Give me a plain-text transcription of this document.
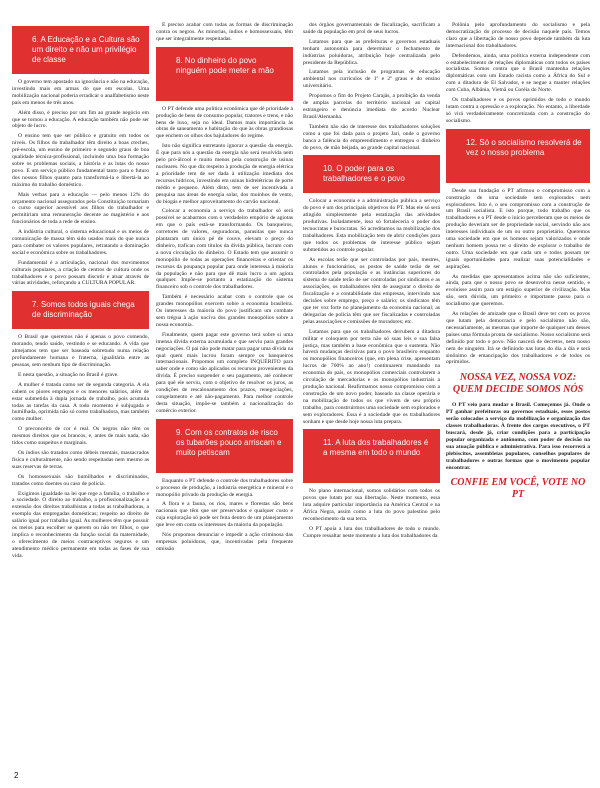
6. A Educação e a Cultura são um direito e não um privilégio de classe

O governo tem apostado na ignorância e não na educação, investindo mais em armas do que em escolas. Uma mobilização nacional poderia erradicar o analfabetismo neste país em menos de três anos.

Além disso, é preciso por um fim ao grande negócio em que se tornou a educação. A educação também não pode ser objeto de lucro.

O ensino tem que ser público e gratuito em todos os níveis. Os filhos do trabalhador têm direito a boas creches, pré-escola, um ensino de primeiro e segundo graus de boa qualidade técnica-profissional, incluindo uma boa formação sobre os problemas sociais, a história e as lutas do nosso povo. E um serviço público fundamental tanto para o futuro dos nossos filhos quanto para transformá-la e libertá-la ao máximo do trabalho doméstico.

Mais verbas para a educação — pelo menos 12% do orçamento nacional assegurados pela Constituição tornariam o curso superior acessível aos filhos do trabalhador e permitiriam uma remuneração decente ao magistério e aos funcionários de toda a rede de ensino.

A indústria cultural, o sistema educacional e os meios de comunicação de massa têm sido usados mais do que nunca para combater os valores populares, retratando a dominação social e econômica sobre os trabalhadores.

Fundamental é a articulação, nacional dos movimentos culturais populares, a criação de centros de cultura onde os trabalhadores e o povo possam discutir e atuar através de várias atividades, reforçando a CULTURA POPULAR.

7. Somos todos iguais chega de discriminação

O Brasil que queremos não é apenas o povo comendo, morando, tendo saúde, vestindo e se educando. A vida que almejamos tem que ser baseada sobretudo numa relação profundamente humana e fraterna, igualitária entre as pessoas, sem nenhum tipo de discriminação.

E nesta questão, a situação no Brasil é grave.

A mulher é tratada como ser de segunda categoria. A ela cabem os piores empregos e os menores salários, além de estar submetida à dupla jornada de trabalho, pois acumula todas as tarefas da casa. A todo momento é subjugada e humilhada, oprimida não só como trabalhadora, mas também como mulher.

O preconceito de cor é real. Os negros não têm os mesmos direitos que os brancos, e, antes de mais nada, são tidos como suspeitos e marginais.

Os índios são tratados como débeis mentais, massacrados física e culturalmente, não sendo respeitadas nem mesmo as suas reservas de terras.

Os homossexuais são humilhados e discriminados, tratados como doentes ou caso de polícia.

Exigimos igualdade na lei que rege a família, o trabalho e a sociedade. O direito ao trabalho, a profissionalização e a extensão dos direitos trabalhistas a todas as trabalhadoras, a exemplo das empregadas domésticas; respeito ao direito de salário igual por trabalho igual. As mulheres têm que possuir os meios para escolher se querem ou não ter filhos, o que implica o reconhecimento da função social da maternidade, o oferecimento de meios contraceptivos seguros e um atendimento médico permanente em todas as fases de sua vida.

É preciso acabar com todas as formas de discriminação contra os negros. As minorias, índios e homossexuais, têm que ser integralmente respeitadas.

8. No dinheiro do povo ninguém pode meter a mão

O PT defende uma política econômica que dê prioridade à produção de bens de consumo popular, tratores e trens, e não bens de luxo, seja no ideal. Damos mais importância às obras de saneamento e habitação do que às obras grandiosas que enchem os olhos dos bajuladores do regime.

Isto não significa entretanto ignorar a questão da energia. É que para nós a questão da energia não será resolvida nem pelo pró-álcool e muito menos pela construção de usinas nucleares. No que diz respeito à produção de energia elétrica a prioridade tem de ser dada à utilização imediata dos recursos hídricos, investindo em usinas hidrelétricas de porte médio e pequeno. Além disto, tem de ser incentivada a pesquisa nas áreas de energia solar, dos moinhos de vento, do biogás e melhor aproveitamento do carvão nacional.

Colocar a economia a serviço do trabalhador só será possível se acabarmos com o verdadeiro empório de agiotas em que o país está-se transformando. Os banqueiros, corretores de valores, seguradoras, parasitas que nunca plantaram um único pé de couve, elevam o preço do dinheiro, trafican com títulos da dívida pública, lucram com a nova circulação do dinheiro. O Estado tem que assumir o monopólio de todas as operações financeiras e orientar os recursos da poupança popular para onde interessa à maioria da população e não para que dê mais lucro a um agiota qualquer. Impõe-se portanto a estatização do sistema financeiro sob o controle dos trabalhadores.

Também é necessário acabar com o controle que os grandes monopólios exercem sobre a economia brasileira. Os interesses da maioria do povo justificam um combate sem trégua à ação nociva dos grandes monopólios sobre a nossa economia.

Finalmente, quem pagar este governo terá sobre si uma imensa dívida externa acumulada e que serviu para grandes negociações. O pai não pode matar para pagar uma dívida na qual quem mais lucrou foram sempre os banqueiros internacionais. Propomos um completo INQUÉRITO para saber onde e como são aplicados os recursos provenientes da dívida. É preciso suspender o seu pagamento, até conhecer para quê ele serviu, com o objetivo de resolver os juros, as condições de rescalonamento dos prazos, renegociações, congelamento e até não-pagamento. Para melhor controle desta situação, impõe-se também a nacionalização do comércio exterior.

9. Com os contratos de risco os tubarões pouco arriscam e muito petiscam

Enquanto o PT defende o controle dos trabalhadores sobre o processo de produção, a indústria energética e mineral e o monopólio privado da produção de energia.

A flora e a fauna, os rios, mares e florestas são bens nacionais que têm que ser preservados e qualquer custo e cuja exploração só pode ser feita dentro de um planejamento que leve em conta os interesses da maioria da população.

Nós propomos denunciar e impedir a ação criminosa das empresas poluidoras, que, incentivadas pela frequente omissão

dos órgãos governamentais de fiscalização, sacrificam a saúde da população em prol de seus lucros.

Lutamos para que as prefeituras e governos estaduais tenham autonomia para determinar o fechamento de indústrias poluidoras, atribuição hoje centralizada pelo presidente da República.

Lutamos pela inclusão de programas de educação ambiental nos currículos de 1º e 2º graus e do ensino universitário.

Propomos o fim do Projeto Carajás, a proibição da venda de amplas parcelas do território nacional ao capital estrangeiro e denúncia imediata do acordo Nuclear Brasil/Alemanha.

Também não são de interesse dos trabalhadores soluções como a que foi dada para o projeto Jari, onde o governo banca a falência do empreendimento e entregou o dinheiro do povo, de mão beijada, ao grande capital nacional.

10. O poder para os trabalhadores e o povo

Colocar a economia e a administração pública a serviço do povo é um dos principais objetivos do PT. Mas ele só será atingido simplesmente pela estatização das atividades produtivas. Isoladamente, isso só fortaleceria o poder dos tecnocratas e burocratas. Só acreditamos na mobilização dos trabalhadores. Esta mobilização tem de abrir condições para que todos os problemas de interesse público sejam submetidos ao controle popular.

As escolas terão que ser controladas por pais, mestres, alunos e funcionários, os postos de saúde terão de ser controlados pela população e as instâncias superiores do sistema de saúde terão de ser controladas por sindicatos e as associações, os trabalhadores têm de assegurar o direito de fiscalização e a contabilidade das empresas, intervindo nas decisões sobre emprego, preço e salário; os sindicatos têm que ter voz forte no planejamento da economia nacional; as delegacias de polícia têm que ser fiscalizadas e controladas pelas associações e comissões de moradores; etc.

Lutamos para que os trabalhadores derrubem a ditadura militar e coloquem por terra não só suas leis e sua falsa justiça, mas também a base econômica que o sustenta. Não haverá mudanças decisivas para o povo brasileiro enquanto os monopólios financeiros (que, em plena crise, apresentam lucros de 700% ao ano!) continuarem mandando na economia do país, os monopólios comerciais controlarem a circulação de mercadorias e os monopólios industriais a produção nacional. Reafirmamos nosso compromisso com a construção de um novo poder, baseado na classe operária e na mobilização de todos os que vivem de seu próprio trabalho, para construirmos uma sociedade sem explorados e sem exploradores. Essa é a sociedade que os trabalhadores sonham e que desde hoje nossa luta prepara.

11. A luta dos trabalhadores é a mesma em todo o mundo

No plano internacional, somos solidários com todos os povos que lutam por sua libertação. Neste momento, essa luta adquire particular importância na América Central e na África Negra, assim como a luta do povo palestino pelo reconhecimento da sua terra.

O PT apoia a luta dos trabalhadores de todo o mundo. Cumpre ressaltar neste momento a luta dos trabalhadores da

Polônia pelo aprofundamento do socialismo e pela democratização do processo de decisão naquele país. Temos claro que a libertação de nosso povo depende também da luta internacional dos trabalhadores.

Defendemos, ainda, uma política externa independente com o estabelecimento de relações diplomáticas com todos os países socialistas. Somos contra que o Brasil mantenha relações diplomáticas com um Estado racista como a África do Sul e com a ditadura de El Salvador, e se negue a manter relações com Cuba, Albânia, Vietnã ou Coréia do Norte.

Os trabalhadores e os povos oprimidos de todo o mundo lutam contra a opressão e a exploração. No entanto, a liberdade só virá verdadeiramente concretizada com a construção do socialismo.

12. Só o socialismo resolverá de vez o nosso problema

Desde sua fundação o PT afirmou o compromisso com a construção de uma sociedade sem explorados nem exploradores. Isto é, o seu compromisso com a construção de um Brasil socialista. E isto porque, todo trabalho que os trabalhadores e o PT desde o início perceberam que os meios de produção deveriam ser de propriedade social, servindo não aos interesses individuais de um ou outro proprietário. Queremos uma sociedade em que os homens sejam valorizados e onde nenhum homem possa ter o direito de explorar o trabalho de outro. Uma sociedade em que cada um e todos possam ter iguais oportunidades para realizar suas potencialidades e aspirações.

As medidas que apresentamos acima não são suficientes, ainda, para que o nosso povo se desenvolva nesse sentido, e evoluísse assim para um estágio superior de civilização. Mas são, sem dúvida, um primeiro e importante passo para o socialismo que queremos.

As relações de amizade que o Brasil deve ter com os povos que lutam pela democracia e pelo socialismo não são, necessariamente, as mesmas que importe de qualquer um desses países uma fórmula pronta de socialismo. Nosso socialismo será definido por todo o povo. Não nascerá de decretos, nem nosso nem de ninguém. Irá se definindo nas lutas do dia a dia e será sinônimo de emancipação dos trabalhadores e de todos os oprimidos.

NOSSA VEZ, NOSSA VOZ: QUEM DECIDE SOMOS NÓS

O PT veio para mudar o Brasil. Começemos já. Onde o PT ganhar prefeituras ou governos estaduais, esses postos serão colocados a serviço da mobilização e organização das classes trabalhadoras. À frente dos cargos executivos, o PT buscará, desde já, criar condições para a participação popular organizada e autônoma, com poder de decisão na sua atuação pública e administrativa. Para isso recorrerá a plebiscitos, assembleias populares, conselhos populares de trabalhadores e outras formas que o movimento popular encontrar.

CONFIE EM VOCÊ, VOTE NO PT
2
